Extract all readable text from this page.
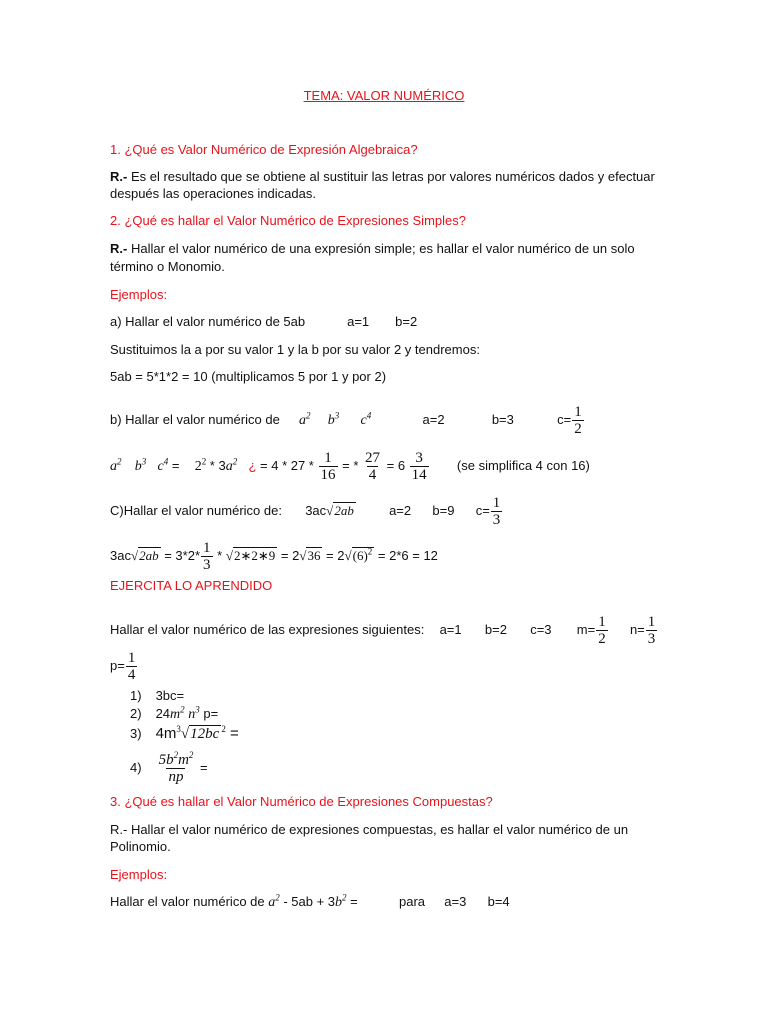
TEMA: VALOR NUMÉRICO
1. ¿Qué es Valor Numérico de Expresión Algebraica?
R.- Es el resultado que se obtiene al sustituir las letras por valores numéricos dados y efectuar
después las operaciones indicadas.
2. ¿Qué es hallar el Valor Numérico de Expresiones Simples?
R.- Hallar el valor numérico de una expresión simple; es hallar el valor numérico de un solo
término o Monomio.
Ejemplos:
a) Hallar el valor numérico de 5ab	a=1 b=2
Sustituimos la a por su valor 1 y la b por su valor 2 y tendremos:
5ab = 5*1*2 = 10 (multiplicamos 5 por 1 y por 2)
b) Hallar el valor numérico de $a^2$ $b^3$ $c^4$	a=2	b=3	$c= \frac{1}{2}$
$a^2$ $b^3$ $c^4 = 2^2 * 3a^2$ ¿ = $4 * 27 * \frac{1}{16}$ = * $\frac{27}{4} = 6 \frac{3}{14} (se$ simplifica 4 con 16)
C)Hallar el valor numérico de: 3ac√2ab	a=2 b=9 $c= \frac{1}{3}$
$3ac√2ab = 3*2* \frac{1}{3}$ * √2∗2∗9 = $2√36 = 2√(6)^2 = 2*6 = 12$
EJERCITA LO APRENDIDO
Hallar el valor numérico de las expresiones siguientes: a=1 b=2 c=3 $m= \frac{1}{2} n= \frac{1}{3}$
$p= \frac{1}{4}$
1) 3bc=
2) $24m^2$ $n^3$ p=
3) $4m^3√12bc$ $^2$ =
$4) \frac{5b^2m^2}{np}$ =
3. ¿Qué es hallar el Valor Numérico de Expresiones Compuestas?
R.- Hallar el valor numérico de expresiones compuestas, es hallar el valor numérico de un
Polinomio.
Ejemplos:
Hallar el valor numérico de $a^2 - 5ab + 3b^2$ =	para a=3 b=4
